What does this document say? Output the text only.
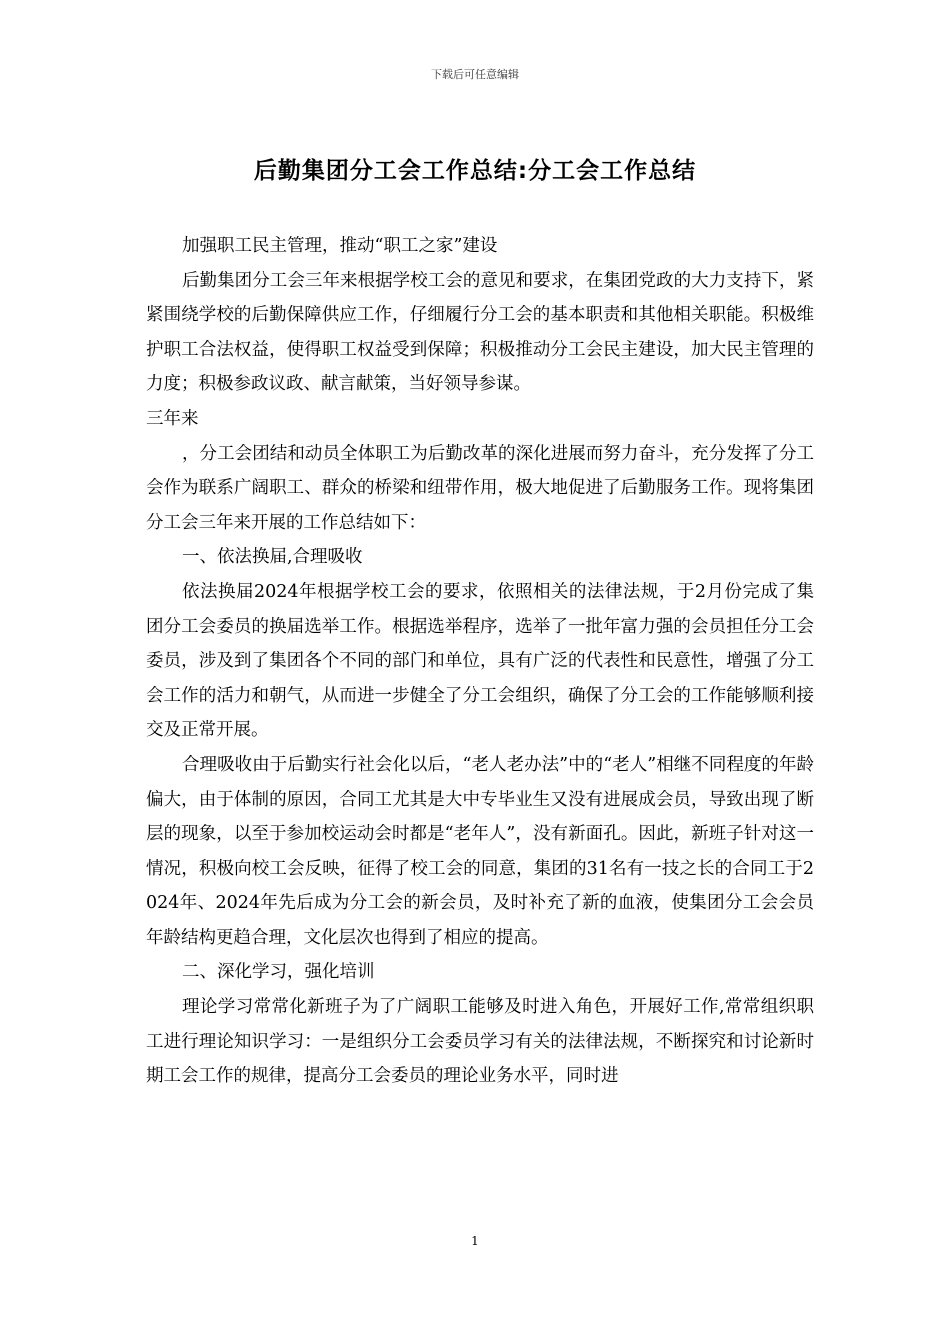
下载后可任意编辑
后勤集团分工会工作总结:分工会工作总结

加强职工民主管理，推动“职工之家”建设

后勤集团分工会三年来根据学校工会的意见和要求，在集团党政的大力支持下，紧紧围绕学校的后勤保障供应工作，仔细履行分工会的基本职责和其他相关职能。积极维护职工合法权益，使得职工权益受到保障；积极推动分工会民主建设，加大民主管理的力度；积极参政议政、献言献策，当好领导参谋。

三年来

，分工会团结和动员全体职工为后勤改革的深化进展而努力奋斗，充分发挥了分工会作为联系广阔职工、群众的桥梁和纽带作用，极大地促进了后勤服务工作。现将集团分工会三年来开展的工作总结如下：

一、依法换届,合理吸收

依法换届2024年根据学校工会的要求，依照相关的法律法规，于2月份完成了集团分工会委员的换届选举工作。根据选举程序，选举了一批年富力强的会员担任分工会委员，涉及到了集团各个不同的部门和单位，具有广泛的代表性和民意性，增强了分工会工作的活力和朝气，从而进一步健全了分工会组织，确保了分工会的工作能够顺利接交及正常开展。

合理吸收由于后勤实行社会化以后，“老人老办法”中的“老人”相继不同程度的年龄偏大，由于体制的原因，合同工尤其是大中专毕业生又没有进展成会员，导致出现了断层的现象，以至于参加校运动会时都是“老年人”，没有新面孔。因此，新班子针对这一情况，积极向校工会反映，征得了校工会的同意，集团的31名有一技之长的合同工于2024年、2024年先后成为分工会的新会员，及时补充了新的血液，使集团分工会会员年龄结构更趋合理，文化层次也得到了相应的提高。

二、深化学习，强化培训

理论学习常常化新班子为了广阔职工能够及时进入角色，开展好工作,常常组织职工进行理论知识学习：一是组织分工会委员学习有关的法律法规，不断探究和讨论新时期工会工作的规律，提高分工会委员的理论业务水平，同时进

1
